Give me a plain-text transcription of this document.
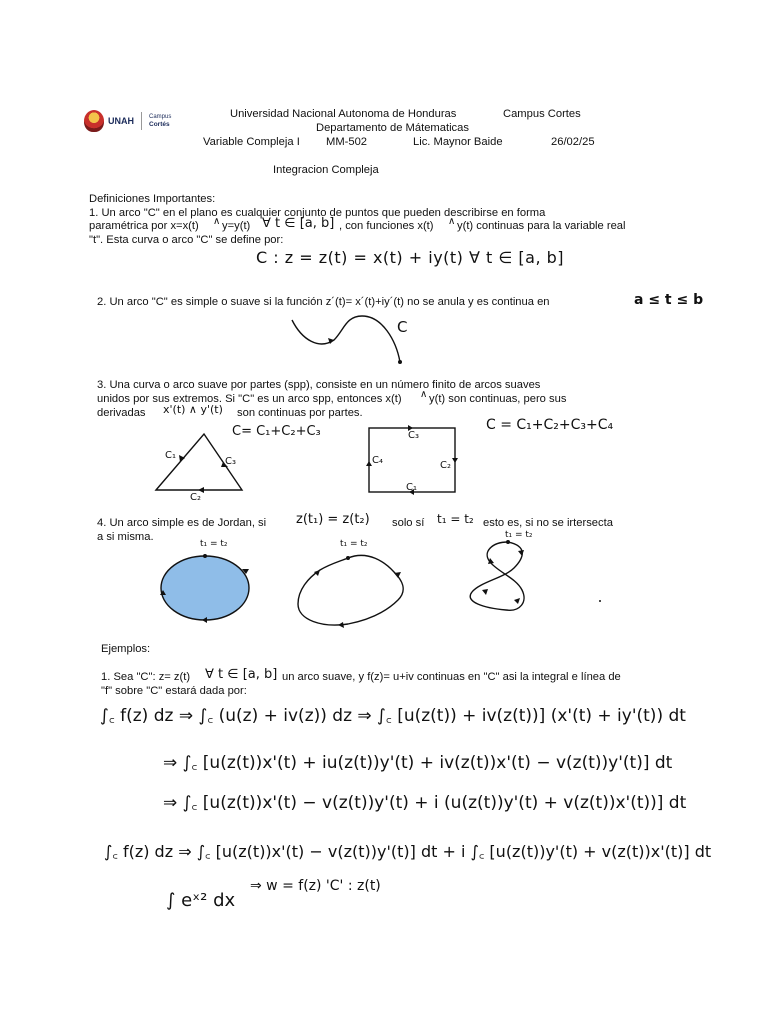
UNAH	Campus
Cortés
Universidad Nacional Autonoma de Honduras	Campus Cortes
Departamento de Mátematicas
Variable Compleja I MM-502	Lic. Maynor Baide	26/02/25
Integracion Compleja
Definiciones Importantes:
1. Un arco "C" en el plano es cualquier conjunto de puntos que pueden describirse en forma
paramétrica por x=x(t) ∧ y=y(t) ∀ t ∈ [a, b] , con funciones x(t) ∧ y(t) continuas para la variable real
"t". Esta curva o arco "C" se define por:
C : z = z(t) = x(t) + iy(t) ∀ t ∈ [a, b]
2. Un arco "C" es simple o suave si la función z´(t)= x´(t)+iy´(t) no se anula y es continua en	a ≤ t ≤ b
C
3. Una curva o arco suave por partes (spp), consiste en un número finito de arcos suaves
unidos por sus extremos. Si "C" es un arco spp, entonces x(t) ∧ y(t) son continuas, pero sus
derivadas x'(t) ∧ y'(t) son continuas por partes.
C₁
C₃
C₂
C= C₁+C₂+C₃	C₃
C₄	C₂
C₁
C = C₁+C₂+C₃+C₄
4. Un arco simple es de Jordan, si z(t₁) = z(t₂) solo sí t₁ = t₂ esto es, si no se irtersecta
a si misma.
t₁ = t₂	t₁ = t₂
t₁ = t₂
Ejemplos:
1. Sea "C": z= z(t) ∀ t ∈ [a, b] un arco suave, y f(z)= u+iv continuas en "C" asi la integral e línea de
"f" sobre "C" estará dada por:
∫꜀ f(z) dz ⇒ ∫꜀ (u(z) + iv(z)) dz ⇒ ∫꜀ [u(z(t)) + iv(z(t))] (x'(t) + iy'(t)) dt
⇒ ∫꜀ [u(z(t))x'(t) + iu(z(t))y'(t) + iv(z(t))x'(t) − v(z(t))y'(t)] dt
⇒ ∫꜀ [u(z(t))x'(t) − v(z(t))y'(t) + i (u(z(t))y'(t) + v(z(t))x'(t))] dt
∫꜀ f(z) dz ⇒ ∫꜀ [u(z(t))x'(t) − v(z(t))y'(t)] dt + i ∫꜀ [u(z(t))y'(t) + v(z(t))x'(t)] dt
∫ eˣ² dx
⇒ w = f(z) 'C' : z(t)
